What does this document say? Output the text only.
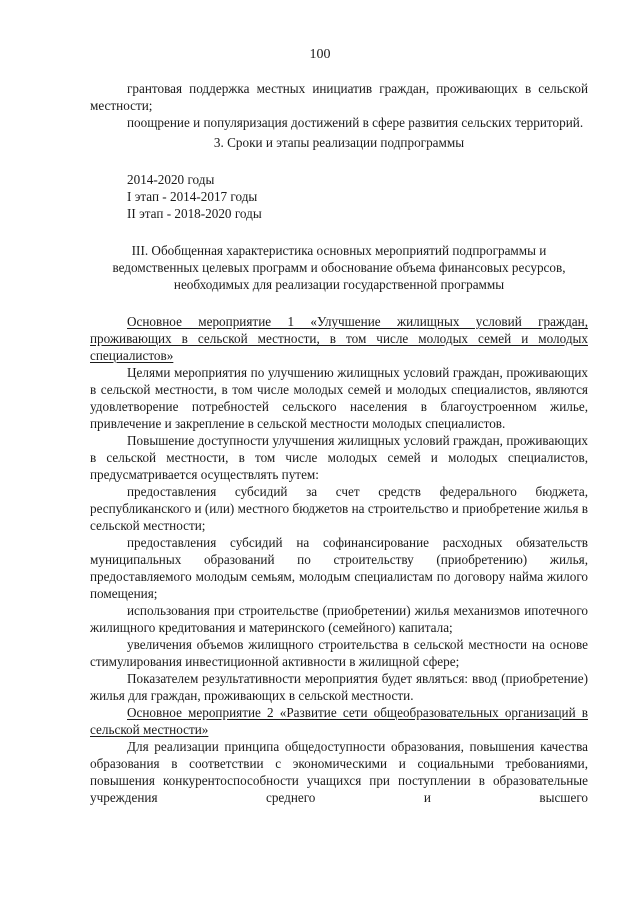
100

грантовая поддержка местных инициатив граждан, проживающих в сельской местности;

поощрение и популяризация достижений в сфере развития сельских территорий.

3. Сроки и этапы реализации подпрограммы

2014-2020 годы

I этап - 2014-2017 годы

II этап - 2018-2020 годы

III. Обобщенная характеристика основных мероприятий подпрограммы и ведомственных целевых программ и обоснование объема финансовых ресурсов, необходимых для реализации государственной программы

Основное мероприятие 1 «Улучшение жилищных условий граждан, проживающих в сельской местности, в том числе молодых семей и молодых специалистов»

Целями мероприятия по улучшению жилищных условий граждан, проживающих в сельской местности, в том числе молодых семей и молодых специалистов, являются удовлетворение потребностей сельского населения в благоустроенном жилье, привлечение и закрепление в сельской местности молодых специалистов.

Повышение доступности улучшения жилищных условий граждан, проживающих в сельской местности, в том числе молодых семей и молодых специалистов, предусматривается осуществлять путем:

предоставления субсидий за счет средств федерального бюджета, республиканского и (или) местного бюджетов на строительство и приобретение жилья в сельской местности;

предоставления субсидий на софинансирование расходных обязательств муниципальных образований по строительству (приобретению) жилья, предоставляемого молодым семьям, молодым специалистам по договору найма жилого помещения;

использования при строительстве (приобретении) жилья механизмов ипотечного жилищного кредитования и материнского (семейного) капитала;

увеличения объемов жилищного строительства в сельской местности на основе стимулирования инвестиционной активности в жилищной сфере;

Показателем результативности мероприятия будет являться: ввод (приобретение) жилья для граждан, проживающих в сельской местности.

Основное мероприятие 2 «Развитие сети общеобразовательных организаций в сельской местности»

Для реализации принципа общедоступности образования, повышения качества образования в соответствии с экономическими и социальными требованиями, повышения конкурентоспособности учащихся при поступлении в образовательные учреждения среднего и высшего
